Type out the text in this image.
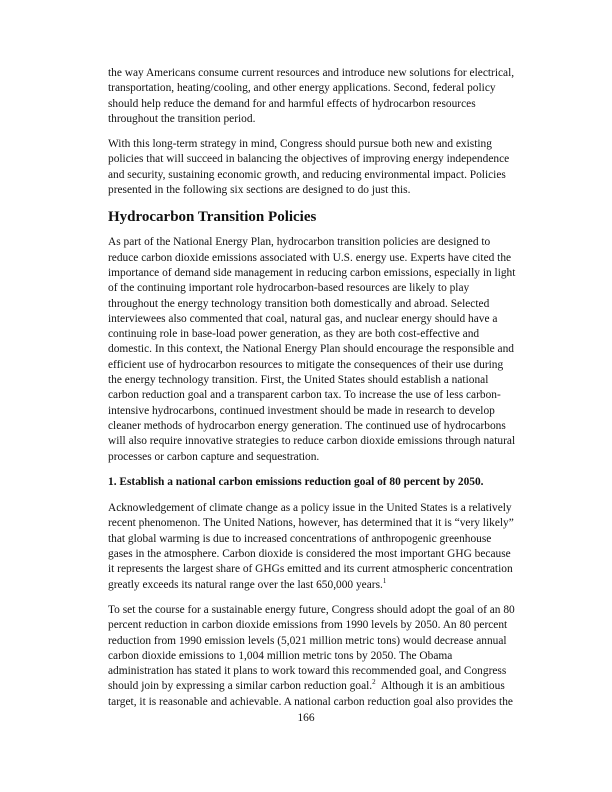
the way Americans consume current resources and introduce new solutions for electrical,
transportation, heating/cooling, and other energy applications. Second, federal policy
should help reduce the demand for and harmful effects of hydrocarbon resources
throughout the transition period.
With this long-term strategy in mind, Congress should pursue both new and existing
policies that will succeed in balancing the objectives of improving energy independence
and security, sustaining economic growth, and reducing environmental impact. Policies
presented in the following six sections are designed to do just this.
Hydrocarbon Transition Policies
As part of the National Energy Plan, hydrocarbon transition policies are designed to
reduce carbon dioxide emissions associated with U.S. energy use. Experts have cited the
importance of demand side management in reducing carbon emissions, especially in light
of the continuing important role hydrocarbon-based resources are likely to play
throughout the energy technology transition both domestically and abroad. Selected
interviewees also commented that coal, natural gas, and nuclear energy should have a
continuing role in base-load power generation, as they are both cost-effective and
domestic. In this context, the National Energy Plan should encourage the responsible and
efficient use of hydrocarbon resources to mitigate the consequences of their use during
the energy technology transition. First, the United States should establish a national
carbon reduction goal and a transparent carbon tax. To increase the use of less carbon-
intensive hydrocarbons, continued investment should be made in research to develop
cleaner methods of hydrocarbon energy generation. The continued use of hydrocarbons
will also require innovative strategies to reduce carbon dioxide emissions through natural
processes or carbon capture and sequestration.
1. Establish a national carbon emissions reduction goal of 80 percent by 2050.
Acknowledgement of climate change as a policy issue in the United States is a relatively
recent phenomenon. The United Nations, however, has determined that it is “very likely”
that global warming is due to increased concentrations of anthropogenic greenhouse
gases in the atmosphere. Carbon dioxide is considered the most important GHG because
it represents the largest share of GHGs emitted and its current atmospheric concentration
greatly exceeds its natural range over the last 650,000 years.$^1$
To set the course for a sustainable energy future, Congress should adopt the goal of an 80
percent reduction in carbon dioxide emissions from 1990 levels by 2050. An 80 percent
reduction from 1990 emission levels (5,021 million metric tons) would decrease annual
carbon dioxide emissions to 1,004 million metric tons by 2050. The Obama
administration has stated it plans to work toward this recommended goal, and Congress
should join by expressing a similar carbon reduction goal.$^2$  Although it is an ambitious
target, it is reasonable and achievable. A national carbon reduction goal also provides the
166
